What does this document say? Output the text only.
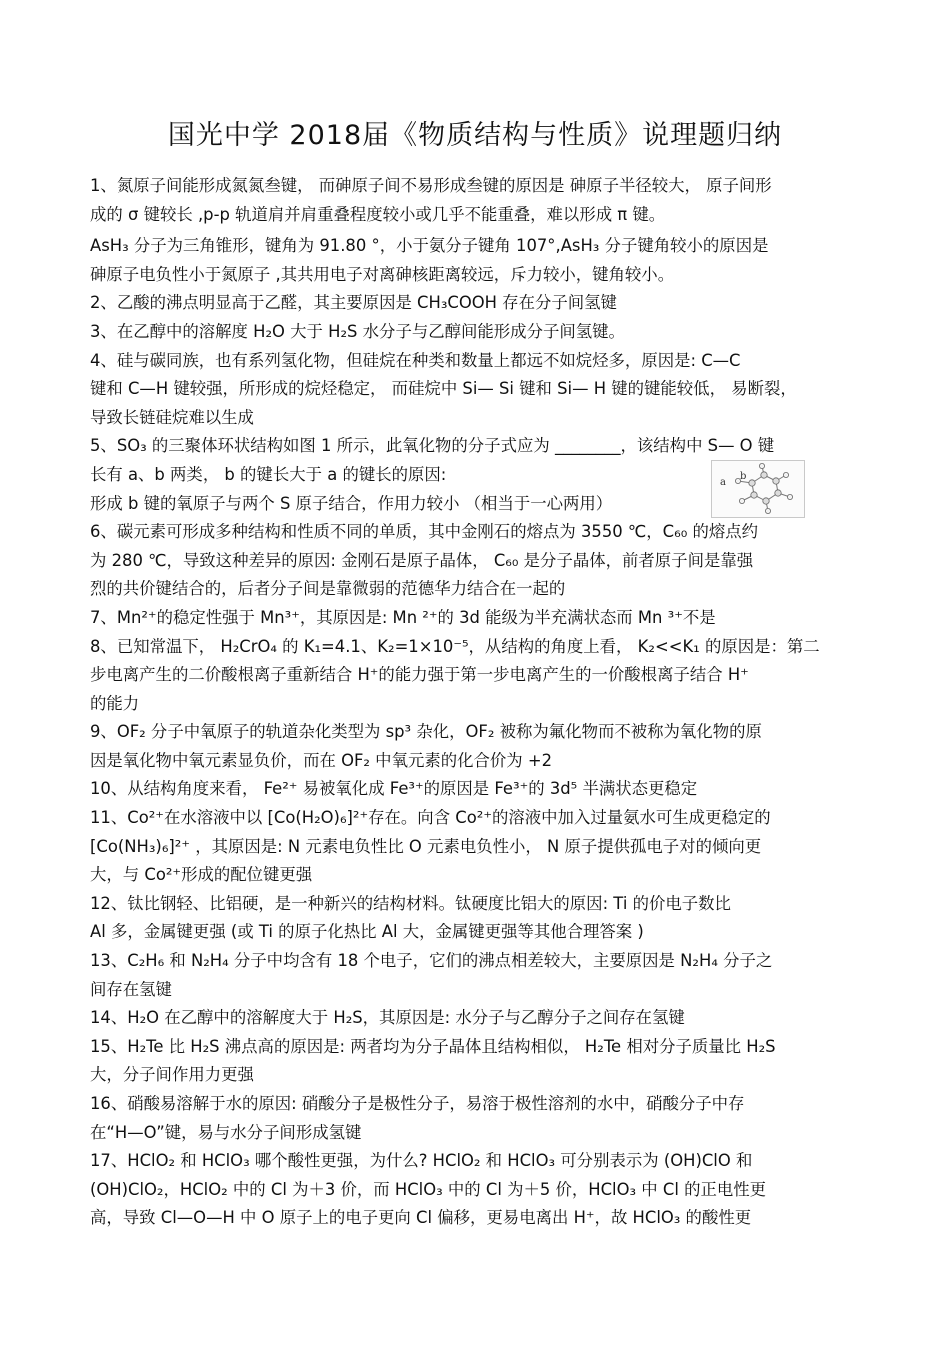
国光中学 2018届《物质结构与性质》说理题归纳
1、氮原子间能形成氮氮叁键， 而砷原子间不易形成叁键的原因是 砷原子半径较大， 原子间形
成的 σ 键较长 ,p-p 轨道肩并肩重叠程度较小或几乎不能重叠，难以形成 π 键。
AsH₃ 分子为三角锥形，键角为 91.80 °，小于氨分子键角 107°,AsH₃ 分子键角较小的原因是
砷原子电负性小于氮原子 ,其共用电子对离砷核距离较远，斥力较小，键角较小。
2、乙酸的沸点明显高于乙醛，其主要原因是 CH₃COOH 存在分子间氢键
3、在乙醇中的溶解度 H₂O 大于 H₂S 水分子与乙醇间能形成分子间氢键。
4、硅与碳同族，也有系列氢化物，但硅烷在种类和数量上都远不如烷烃多，原因是: C—C
键和 C—H 键较强，所形成的烷烃稳定， 而硅烷中 Si— Si 键和 Si— H 键的键能较低， 易断裂，
导致长链硅烷难以生成
5、SO₃ 的三聚体环状结构如图 1 所示，此氧化物的分子式应为 ________，该结构中 S— O 键
长有 a、b 两类， b 的键长大于 a 的键长的原因:
形成 b 键的氧原子与两个 S 原子结合，作用力较小 （相当于一心两用）
6、碳元素可形成多种结构和性质不同的单质，其中金刚石的熔点为 3550 ℃，C₆₀ 的熔点约
为 280 ℃，导致这种差异的原因: 金刚石是原子晶体， C₆₀ 是分子晶体，前者原子间是靠强
烈的共价键结合的，后者分子间是靠微弱的范德华力结合在一起的
7、Mn²⁺的稳定性强于 Mn³⁺，其原因是: Mn ²⁺的 3d 能级为半充满状态而 Mn ³⁺不是
8、已知常温下， H₂CrO₄ 的 K₁=4.1、K₂=1×10⁻⁵，从结构的角度上看， K₂<<K₁ 的原因是：第二
步电离产生的二价酸根离子重新结合 H⁺的能力强于第一步电离产生的一价酸根离子结合 H⁺
的能力
9、OF₂ 分子中氧原子的轨道杂化类型为 sp³ 杂化，OF₂ 被称为氟化物而不被称为氧化物的原
因是氧化物中氧元素显负价，而在 OF₂ 中氧元素的化合价为 +2
10、从结构角度来看， Fe²⁺ 易被氧化成 Fe³⁺的原因是 Fe³⁺的 3d⁵ 半满状态更稳定
11、Co²⁺在水溶液中以 [Co(H₂O)₆]²⁺存在。向含 Co²⁺的溶液中加入过量氨水可生成更稳定的
[Co(NH₃)₆]²⁺ ，其原因是: N 元素电负性比 O 元素电负性小， N 原子提供孤电子对的倾向更
大，与 Co²⁺形成的配位键更强
12、钛比钢轻、比铝硬，是一种新兴的结构材料。钛硬度比铝大的原因: Ti 的价电子数比
Al 多，金属键更强 (或 Ti 的原子化热比 Al 大，金属键更强等其他合理答案 )
13、C₂H₆ 和 N₂H₄ 分子中均含有 18 个电子，它们的沸点相差较大，主要原因是 N₂H₄ 分子之
间存在氢键
14、H₂O 在乙醇中的溶解度大于 H₂S，其原因是: 水分子与乙醇分子之间存在氢键
15、H₂Te 比 H₂S 沸点高的原因是: 两者均为分子晶体且结构相似， H₂Te 相对分子质量比 H₂S
大，分子间作用力更强
16、硝酸易溶解于水的原因: 硝酸分子是极性分子，易溶于极性溶剂的水中，硝酸分子中存
在“H—O”键，易与水分子间形成氢键
17、HClO₂ 和 HClO₃ 哪个酸性更强，为什么? HClO₂ 和 HClO₃ 可分别表示为 (OH)ClO 和
(OH)ClO₂，HClO₂ 中的 Cl 为＋3 价，而 HClO₃ 中的 Cl 为＋5 价，HClO₃ 中 Cl 的正电性更
高，导致 Cl—O—H 中 O 原子上的电子更向 Cl 偏移，更易电离出 H⁺，故 HClO₃ 的酸性更
a
b
